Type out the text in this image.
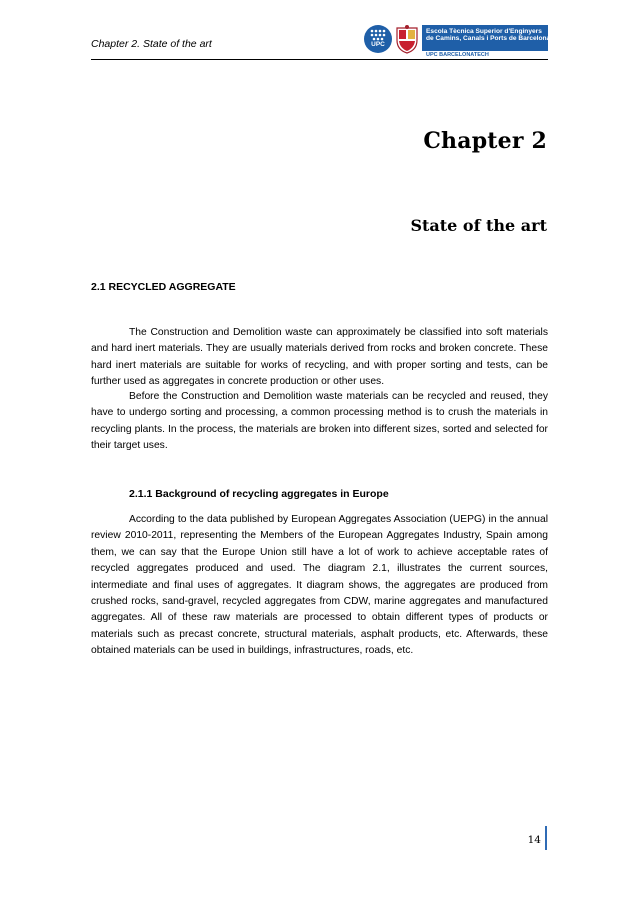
Chapter 2. State of the art	UPC
Escola Tècnica Superior d'Enginyers
de Camins, Canals i Ports de Barcelona
UPC BARCELONATECH
Chapter 2
State of the art
2.1 RECYCLED AGGREGATE

The Construction and Demolition waste can approximately be classified into soft materials and hard inert materials. They are usually materials derived from rocks and broken concrete. These hard inert materials are suitable for works of recycling, and with proper sorting and tests, can be further used as aggregates in concrete production or other uses.

Before the Construction and Demolition waste materials can be recycled and reused, they have to undergo sorting and processing, a common processing method is to crush the materials in recycling plants. In the process, the materials are broken into different sizes, sorted and selected for their target uses.

2.1.1 Background of recycling aggregates in Europe

According to the data published by European Aggregates Association (UEPG) in the annual review 2010-2011, representing the Members of the European Aggregates Industry, Spain among them, we can say that the Europe Union still have a lot of work to achieve acceptable rates of recycled aggregates produced and used. The diagram 2.1, illustrates the current sources, intermediate and final uses of aggregates. It diagram shows, the aggregates are produced from crushed rocks, sand-gravel, recycled aggregates from CDW, marine aggregates and manufactured aggregates. All of these raw materials are processed to obtain different types of products or materials such as precast concrete, structural materials, asphalt products, etc. Afterwards, these obtained materials can be used in buildings, infrastructures, roads, etc.

14
